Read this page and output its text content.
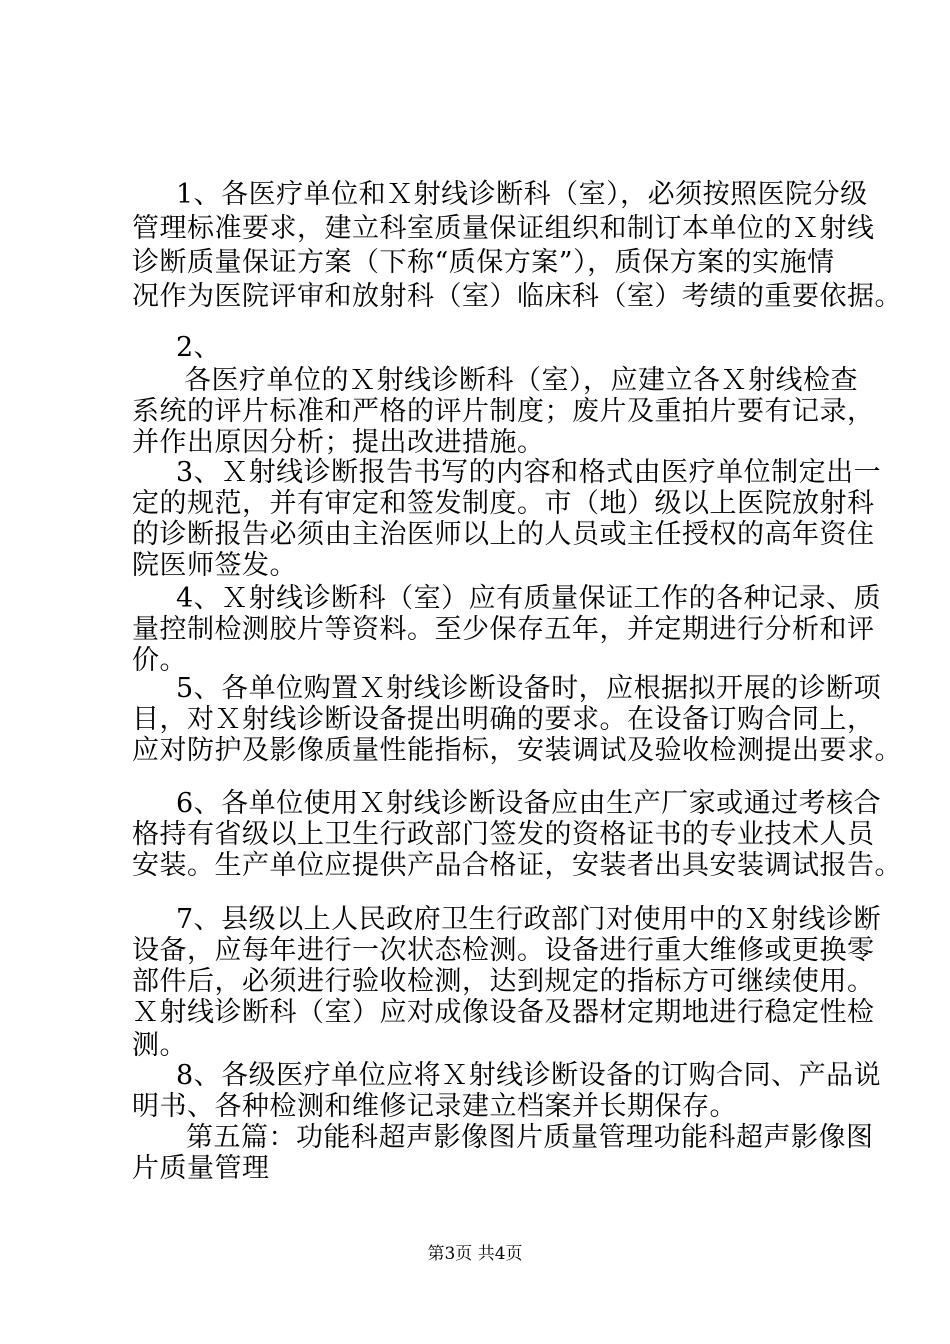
1、各医疗单位和Ｘ射线诊断科（室），必须按照医院分级
管理标准要求，建立科室质量保证组织和制订本单位的Ｘ射线
诊断质量保证方案（下称“质保方案”），质保方案的实施情
况作为医院评审和放射科（室）临床科（室）考绩的重要依据。
2、
各医疗单位的Ｘ射线诊断科（室），应建立各Ｘ射线检查
系统的评片标准和严格的评片制度；废片及重拍片要有记录，
并作出原因分析；提出改进措施。
3、Ｘ射线诊断报告书写的内容和格式由医疗单位制定出一
定的规范，并有审定和签发制度。市（地）级以上医院放射科
的诊断报告必须由主治医师以上的人员或主任授权的高年资住
院医师签发。
4、Ｘ射线诊断科（室）应有质量保证工作的各种记录、质
量控制检测胶片等资料。至少保存五年，并定期进行分析和评
价。
5、各单位购置Ｘ射线诊断设备时，应根据拟开展的诊断项
目，对Ｘ射线诊断设备提出明确的要求。在设备订购合同上，
应对防护及影像质量性能指标，安装调试及验收检测提出要求。
6、各单位使用Ｘ射线诊断设备应由生产厂家或通过考核合
格持有省级以上卫生行政部门签发的资格证书的专业技术人员
安装。生产单位应提供产品合格证，安装者出具安装调试报告。
7、县级以上人民政府卫生行政部门对使用中的Ｘ射线诊断
设备，应每年进行一次状态检测。设备进行重大维修或更换零
部件后，必须进行验收检测，达到规定的指标方可继续使用。
Ｘ射线诊断科（室）应对成像设备及器材定期地进行稳定性检
测。
8、各级医疗单位应将Ｘ射线诊断设备的订购合同、产品说
明书、各种检测和维修记录建立档案并长期保存。
第五篇：功能科超声影像图片质量管理功能科超声影像图
片质量管理
第3页 共4页
